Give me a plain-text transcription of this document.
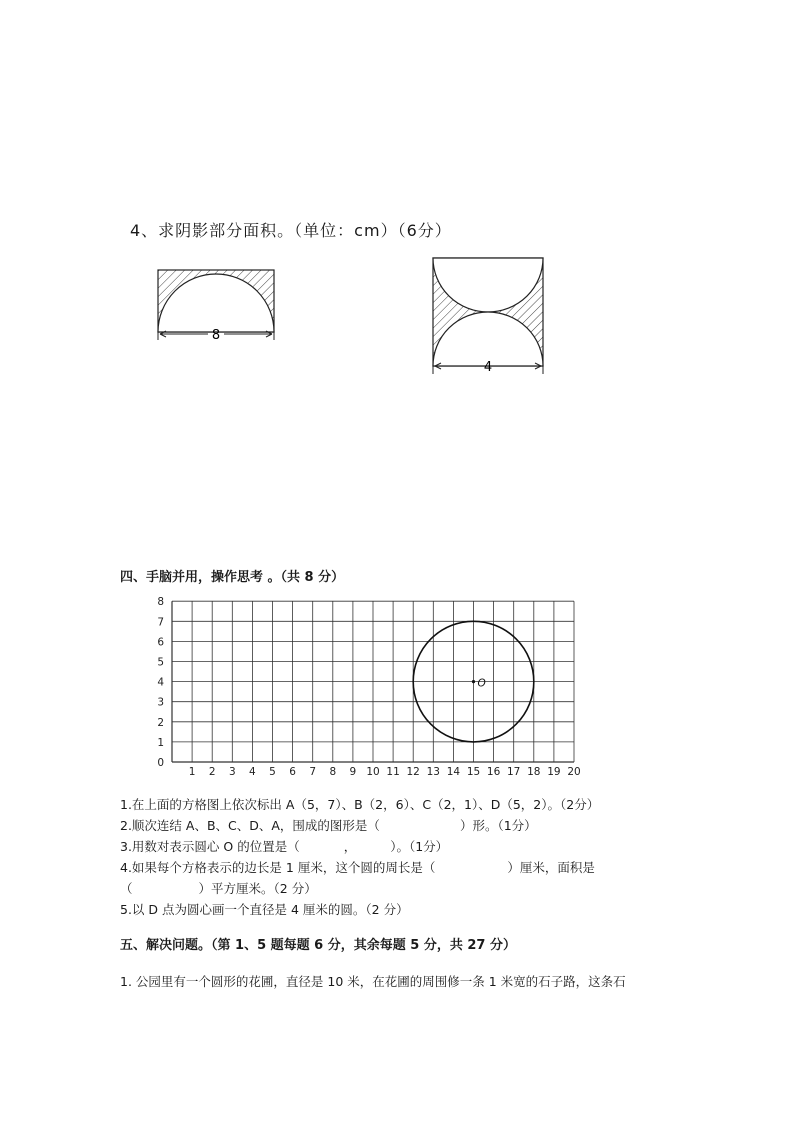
4、求阴影部分面积。（单位：cm）（6分）
8
4
四、手脑并用，操作思考 。（共 8 分）
1 2 3 4 5 6 7 8 9 10 11 12 13 14 15 16 17 18 19 20
0
1
2
3
4
5
6
7
8
O
1.在上面的方格图上依次标出 A（5，7）、B（2，6）、C（2，1）、D（5，2）。（2分）
2.顺次连结 A、B、C、D、A，围成的图形是（	）形。（1分）
3.用数对表示圆心 O 的位置是（	，	）。（1分）
4.如果每个方格表示的边长是 1 厘米，这个圆的周长是（	）厘米，面积是
（	）平方厘米。（2 分）
5.以 D 点为圆心画一个直径是 4 厘米的圆。（2 分）
五、解决问题。（第 1、5 题每题 6 分，其余每题 5 分，共 27 分）
1. 公园里有一个圆形的花圃，直径是 10 米，在花圃的周围修一条 1 米宽的石子路，这条石
